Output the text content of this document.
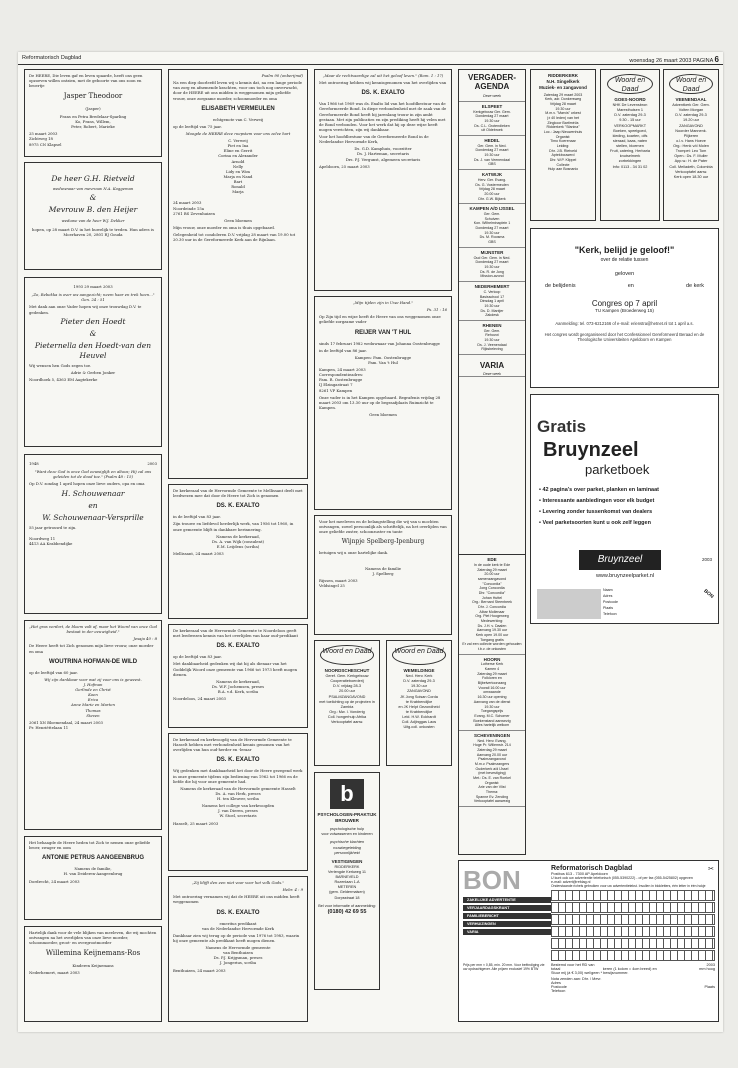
Reformatorisch Dagblad	woensdag 26 maart 2003 PAGINA 6

De HEERE, Die leven gaf en leven spaarde, heeft ons geen opzoeven willen ontzien, met de geboorte van ons zoon en broertje

Jasper Theodoor
(Jasper)

Frans en Petra Bredelaar-Sparling
Ko, Frans, Willem,
Peter, Robert, Marieke

25 maart 2003
Zichtweg 18
8975 CN Klapsel

De heer G.H. Rietveld
weduwnaar van mevrouw N.A. Koggeman
&
Mevrouw B. den Heijer
weduwe van de heer W.J. Dekker

hopen, op 28 maart D.V. in het huwelijk te treden. Hun adres is Moerhaven 20, 2801 RJ Gouda

1993 29 maart 2003

„Zo, Rebekka is over uw aangezicht; neem haar en trek heen..." Gen. 24 : 51

Met dank aan onze Vader hopen wij onze trouwdag D.V. te gedenken.

Pieter den Hoedt
&
Pieternella den Hoedt-van den Heuvel

Wij wensen hen Gods zegen toe.

Adrie & Gerben Jonker

Noordhoek 5, 4363 EM Aagtekerke

1948	2003

"Want deze God is onze God eeuwiglijk en altoos; Hij zal ons geleiden tot de dood toe." (Psalm 48 : 15)

Op D.V. zondag 1 april hopen onze lieve ouders, opa en oma

H. Schouwenaar
en
W. Schouwenaar-Versprille

55 jaar getrouwd te zijn.

Noordweg 11
4413 AA Krabbendijke

„Het gras verdort, de bloem valt af, maar het Woord van onze God bestaat in der eeuwigheid."

Jesaja 40 : 8

De Heere heeft tot Zich genomen mijn lieve vrouw, onze moeder en oma

WOUTRINA HOFMAN-DE WILD

op de leeftijd van 60 jaar.

Wij zijn dankbaar voor wat zij voor ons is geweest.
J. Hofman
Gerlinde en Christ
Koen
Erica
Anne Marie en Marten
Thomas
Steven

2061 XN Bloemendaal, 24 maart 2003
Pr. Henriëttelaan 11

Het behaagde de Heere heden tot Zich te nemen onze geliefde broer, zwager en oom

ANTONIE PETRUS AANGEENBRUG

Namens de familie,
H. van Deideren-Aangeenbrug

Dordrecht, 24 maart 2003

Hartelijk dank voor de vele blijken van meeleven, die wij mochten ontvangen na het overlijden van onze lieve moeder, schoonmoeder, groot- en overgrootmoeder

Willemina Keijnemans-Ros

Kinderen Keijnemans

Nederhemert, maart 2003

Psalm 90 (onberijmd)

Na een diep doorleefd leven wij u kennis dat, na een lange periode van zorg en afnemende krachten, voor ons toch nog onverwacht, door de HEERE uit ons midden is weggenomen mijn geliefde vrouw, onze zorgzame moeder, schoonmoeder en oma

ELISABETH VERMEULEN

echtgenote van C. Verweij

op de leeftijd van 75 jaar.

Moogde de HEERE deze roepstem voor ons zelve hart

C. Verweij
Piet en Ina
Eline en Gerrit
Corina en Alexander
Arnold
Nelly
Lidy en Wim
Marja en Nand
Bart
Ronald
Marja

24 maart 2003
Noordeinde 15a
2761 BS Zevenhuizen

Geen bloemen

Mijn vrouw, onze moeder en oma is thuis opgebaard.

Gelegenheid tot condoleren D.V. vrijdag 28 maart van 19.00 tot 20.30 uur in de Gereformeerde Kerk aan de Rijnlaan.

De kerkeraad van de Hervormde Gemeente te Mellissant deelt met leedwezen mee dat door de Heere tot Zich is genomen

DS. K. EXALTO

in de leeftijd van 83 jaar.

Zijn trouwe en liefdevol herderlijk werk, van 1956 tot 1960, in onze gemeente blijft in dankbare herinnering.

Namens de kerkeraad,
Ds. A. van Wijk (consulent)
E.M. Leijdens (scriba)

Mellissant, 24 maart 2003

De kerkeraad van de Hervormde Gemeente te Noordeloos geeft met leedwezen kennis van het overlijden van haar oud-predikant

DS. K. EXALTO

op de leeftijd van 83 jaar.

Met dankbaarheid gedenken wij dat hij als dienaar van het Goddelijk Woord onze gemeente van 1966 tot 1973 heeft mogen dienen.

Namens de kerkeraad,
Ds. W.F. Jochemsen, preses
B.A. v.d. Kerk, scriba

Noordeloos, 24 maart 2003

De kerkeraad en kerkvoogdij van de Hervormde Gemeente te Hasselt hebben met verbondenheid kennis genomen van het overlijden van hun oud-herder en -leraar

DS. K. EXALTO

Wij gedenken met dankbaarheid het door de Heere gezegend werk in onze gemeente tijdens zijn bediening van 1962 tot 1966 en de liefde die hij voor onze gemeente had.

Namens de kerkeraad van de Hervormde gemeente Hasselt
Ds. A. van Herk, preses
H. ten Kleuver, scriba

Namens het college van kerkvoogden
J. van Dieren, preses
W. Stoel, secretaris

Hasselt, 25 maart 2003

„Zij blijft den een niet voor voor het volk Gods."

Hebr. 4 : 9

Met ontroering vernamen wij dat de HEERE uit ons midden heeft weggenomen

DS. K. EXALTO

emeritus predikant
van de Nederlandse Hervormde Kerk

Dankbaar zien wij terug op de periode van 1976 tot 1983, waarin hij onze gemeente als predikant heeft mogen dienen.

Namens de Hervormde gemeente
van Benthuizen
Ds. P.J. Krijgsman, preses
J. Jongerius, scriba

Benthuizen, 24 maart 2003

„Maar de rechtvaardige zal uit het geloof leven." (Rom. 1 : 17)

Met ontroering hebben wij kennisgenomen van het overlijden van

DS. K. EXALTO

Van 1966 tot 1969 was ds. Exalto lid van het hoofdbestuur van de Gereformeerde Bond. In diepe verbondenheid met de zaak van de Gereformeerde Bond heeft hij jarenlang trouw in zijn ambt gestaan. Met zijn publicaties en zijn prediking heeft hij velen met de Bond verbonden. Voor het werk dat hij op deze wijze heeft mogen verrichten, zijn wij dankbaar.

Voor het hoofdbestuur van de Gereformeerde Bond in de Nederlandse Hervormde Kerk,

Ds. G.D. Kamphuis, voorzitter
Ds. J. Harteman, secretaris
Drs. P.J. Vergunst, algemeen secretaris

Apeldoorn, 25 maart 2003

„Mijn tijden zijn in Uwe Hand."

Ps. 31 : 16

Op Zijn tijd en wijze heeft de Heere van ons weggenomen onze geliefde zorgzame vader

REIJER VAN 'T HUL

sinds 17 februari 1982 weduwnaar van Johanna Oostenbrugge

in de leeftijd van 86 jaar.

Kampen: Fam. Oostenbrugge
Fam. Van 't Hul

Kampen, 24 maart 2003
Correspondentieadres:
Fam. R. Oostenbrugge
IJ Elzingastraat 7
8261 VP Kampen

Onze vader is in het Kampen opgebaard. Begrafenis vrijdag 28 maart 2003 om 13.30 uur op de begraafplaats Ruimzicht te Kampen.

Geen bloemen

Voor het meeleven en de belangstelling die wij van u mochten ontvangen, zowel persoonlijk als schriftelijk, na het overlijden van onze geliefde zuster, schoonzuster en tante

Wijnpje Spelberg-Ipenburg

betuigen wij u onze hartelijke dank.

Namens de familie
J. Spelberg

Rijssen, maart 2003
Veldsingel 25

Woord en Daad
NOORDSCHESCHUT
Geref. Gem. Kerkgebouw
Cooperatieboerderij
D.V. vrijdag 28-3
20.00 uur
PSALMZANGAVOND
met toelichting op de projecten in Zambia
Org.: Mw. I. Vonderig
Coll. hongerhulp Afrika
Verkooptafel aanw.
Woord en Daad
WEMELDINGE
Ned. Herv. Kerk
D.V. zaterdag 29-3
19.30 uur
ZANGAVOND
JK Jong Soisan Corda
te Krabbendijke
en JK Helpt Gezondheid
te Krabbendijke
Leid. H.W. Eckhardt
Coll. Adjinggas Laos
Uitg.coll. onkosten
b
PSYCHOLOGEN-PRAKTIJK BROUWER
psychologische hulp
voor volwassenen en kinderen
psychische klachten
rouwbegeleiding
persoonlijkheid
VESTIGINGEN
RIDDERKERK
Verlengde Kerkweg 11
BARNEVELD
Rozenlaan 1-A
METEREN
(gem. Geldermalsen)
Dorpsstraat 18
Bel voor informatie of aanmelding:
(0180) 42 69 55
VERGADER-AGENDA
Deze week
ELSPEET
Kerkgebouw Ger. Gem.
Donderdag 27 maart
19.30 uur
Ds. C.L. Grotendieken
uit Oldebroek
HEDEL
Ger. Gem. in Ned.
Donderdag 27 maart
19.30 uur
Ds. J. van Veenendaal
GBS
KATWIJK
Herv. Ger. Evang.
Ds. G. Vostermeulen
Vrijdag 28 maart
20.00 uur
Dhr. G.W. Bijkerk
KAMPEN A/D IJSSEL
Ger. Gem.
Schuiven
Kon. Wilhelminaplein 1
Donderdag 27 maart
19.30 uur
Ds. M. Roosma
GBS
MIJNSTER
Oud Ger. Gem. in Ned.
Donderdag 27 maart
19.30 uur
Ds. R. de Jong
Mission-avond
NEDERHEMERT
C. Verloop
Basisschool 17
Dinsdag 1 april
19.30 uur
Ds. D. Mantjer
Zakdesk
RHENEN
Ger. Gem.
Rehovot
19.30 uur
Ds. J. Veenendaal
Rijksbeleving
VARIA
Deze week
EDE
In de oude kerk te Ede
Zaterdag 29 maart
20.00 uur
samenzangavond
"Concordia"
Jong Concordia
Dhr. "Concordia"
Johan Huttel
Org.: Bernard Steenbeek
Dhr. J. Concordia
Albar Mollenaar
Org. Piet Hoogerweg
Medewerking:
Ds. J.H. v. Daalen
Aanvang 19.30 uur
Kerk open 19.00 uur
Toegang gratis
Er zal een collecte worden gehouden
t.b.v. de onkosten
HOORN
Lutherse Kerk
Kamen 4
Zaterdag 29 maart
Folkloren en
Bijbelvertoonzang
Voorall 16.00 uur
omwaande
16.30 uur opening
Aanvang van de dienst
19.30 uur
Toegangsprijs
Evang. M.C. Schomer
Boekenstand aanwezig
Alles hartelijk welkom
SCHEVENINGEN
Ned. Herv. Evang.
Hoge Pr. Willemstr. 214
Zaterdag 29 maart
Aanvang 20.00 uur
Psalmzangavond
M.m.v. Psalmzangers
Ouderkerk a/d IJssel
(met bevestiging)
Met.: Ds. E. van Roekel
Organist:
Arie van der Vlist
Thema:
Spanne Ev. Zending
Verkooptafel aanwezig
RIDDERKERK
N.H. Singelkerk
Muziek- en zangavond
Zaterdag 29 maart 2003
Kerk, adr. Donkersweg
Vrijdag 28 maart
19.30 uur
M.m.v. "Marvis" orkest
(± 40 leden) van het
Zingkoor Bartiméüs
Ridderkerk "Sfanina"
Loc.: Jaap Nieuwenhuis
Organist:
Timo Koerenaar
Leiding:
Dhr. J.B. Rietveld
Aptekbouwerd
Dhr. W.P. Klippel
Collecte
Hulp aan Bosnanio
Woord en Daad
GOES-NOORD
NHK De Levensbron
Maresthuisen 1
D.V. zaterdag 29-3
9.30 - 15 uur
VERKOOPMARKT
Boeken, speelgoed,
kleding, koarten, olfs
sieraad, kaas, naten
stellen, bloemen
Fruit, catering, Herbaria
knutselmerk
zorbekkingen
Info: 0113 - 34 31 02
Woord en Daad
VEENENDAAL
Adventkerk Ger. Gem.
Volten Morgan
D.V. zaterdag 29-3
19.20 uur
ZANGAVOND
Noorder Mannenk.
Plijkeren
o.l.v. Hans Hoeve
Org.: Henk v/d Molen
Trompet: Leo Tom
Open.: Ds. F. Muller
App.w.: H. de Pater
Coll. Meiladeth, Colombia
Verkooptafel aanw.
Kerk open 18.30 uur
"Kerk, belijd je geloof!"
over de relatie tussen
geloven
de belijdenis	en	de kerk
Congres op 7 april
TU Kampen (Broederweg 15)
Aanmelding: tel. 073-6212166 of e-mail: erienstra@hetnet.nl tot 1 april a.s.
Het congres wordt georganiseerd door het Confessioneel Gereformeerd Beraad en de Theologische Universiteiten Apeldoorn en Kampen
Gratis
Bruynzeel
parketboek
• 42 pagina's over parket, planken en laminaat
• Interessante aanbiedingen voor elk budget
• Levering zonder tussenkomst van dealers
• Veel parketsoorten kunt u ook zelf leggen
Bruynzeel
www.bruynzeelparket.nl
2003
Naam
Adres
Postcode
Plaats
Telefoon
BON
BON
ZAKELIJKE ADVERTENTIE
VERJAARDAGSKRANT
FAMILIEBERICHT
VERHUIZINGEN
VARIA
Prijs per mm × 0,85, min. 20 mm. Voor beëindiging zie uw opdrachtgever. Alle prijzen exclusief 19% BTW
Reformatorisch Dagblad
Postbus 613 - 7300 AP Apeldoorn
U kunt ook uw advertentie telefonisch (055-5390222) - of per fax (055-5425802) opgeven
e-mail: advert@refdag.nl
Onderstaande richels gebruiken voor uw advertentietekst. Invullen in blokletters, één letter in één hokje
Bestemd voor het RD van	2003
totaal	keren (1 kolom = 4cm breed) en	mm hoog
Stuur mij (à € 3,00) wel/geen * bewijsnummer.
Nota zenden aan: Dhr. / Mevr.
Adres
Postcode	Plaats
Telefoon
✂
